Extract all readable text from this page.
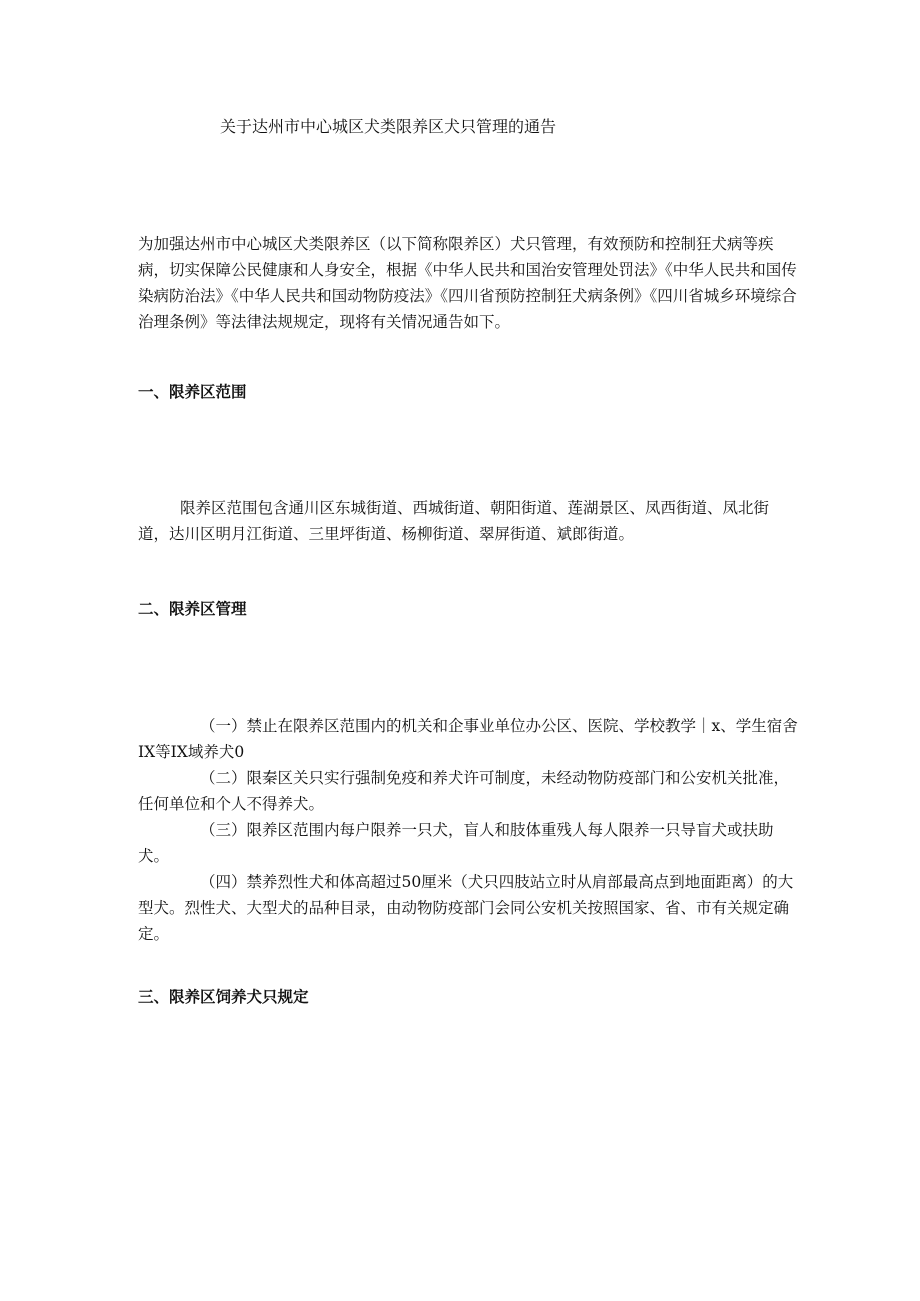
关于达州市中心城区犬类限养区犬只管理的通告

为加强达州市中心城区犬类限养区（以下简称限养区）犬只管理，有效预防和控制狂犬病等疾病，切实保障公民健康和人身安全，根据《中华人民共和国治安管理处罚法》《中华人民共和国传染病防治法》《中华人民共和国动物防疫法》《四川省预防控制狂犬病条例》《四川省城乡环境综合治理条例》等法律法规规定，现将有关情况通告如下。

一、限养区范围

限养区范围包含通川区东城街道、西城街道、朝阳街道、莲湖景区、凤西街道、凤北街道，达川区明月江街道、三里坪街道、杨柳街道、翠屏街道、斌郎街道。

二、限养区管理

（一）禁止在限养区范围内的机关和企事业单位办公区、医院、学校教学｜x、学生宿舍IX等IX域养犬0

（二）限秦区关只实行强制免疫和养犬许可制度，未经动物防疫部门和公安机关批准，任何单位和个人不得养犬。

（三）限养区范围内每户限养一只犬，盲人和肢体重残人每人限养一只导盲犬或扶助犬。

（四）禁养烈性犬和体高超过50厘米（犬只四肢站立时从肩部最高点到地面距离）的大型犬。烈性犬、大型犬的品种目录，由动物防疫部门会同公安机关按照国家、省、市有关规定确定。

三、限养区饲养犬只规定
